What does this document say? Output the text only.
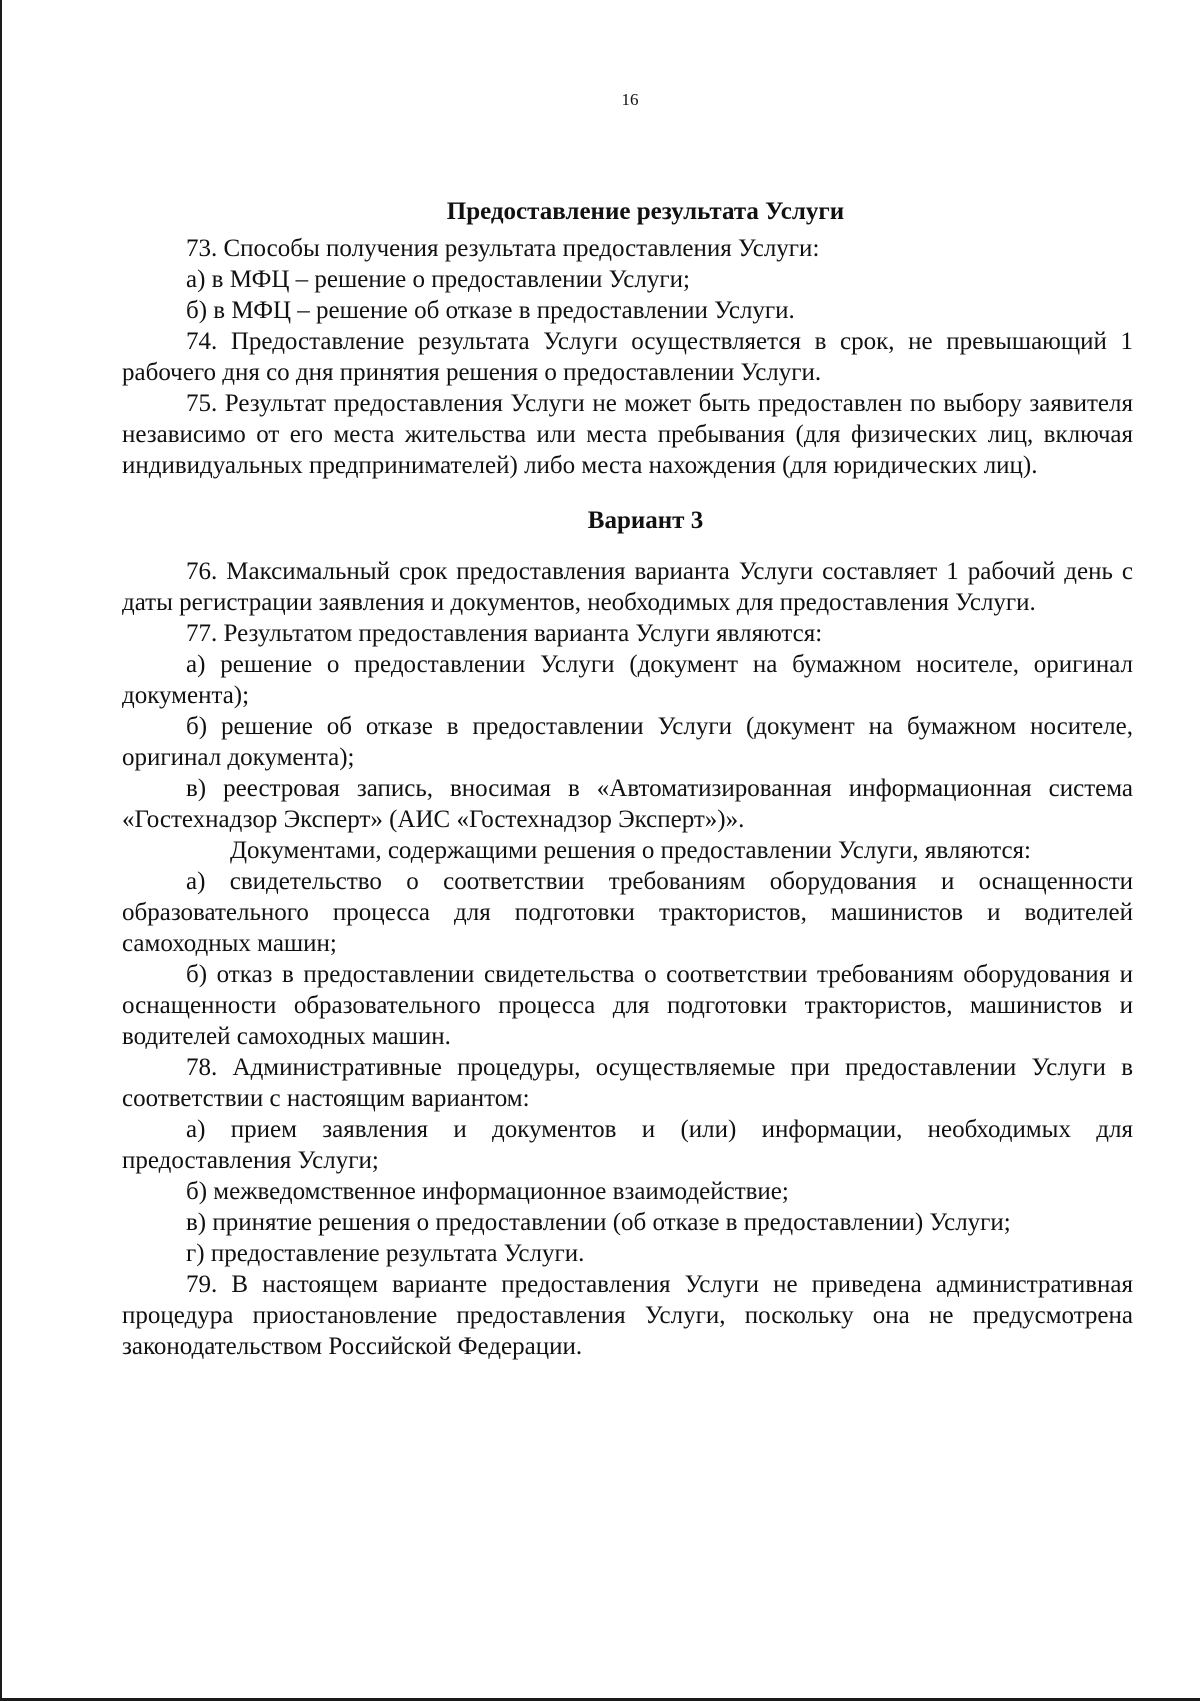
16
Предоставление результата Услуги

73. Способы получения результата предоставления Услуги:

а) в МФЦ – решение о предоставлении Услуги;

б) в МФЦ – решение об отказе в предоставлении Услуги.

74. Предоставление результата Услуги осуществляется в срок, не превышающий 1 рабочего дня со дня принятия решения о предоставлении Услуги.

75. Результат предоставления Услуги не может быть предоставлен по выбору заявителя независимо от его места жительства или места пребывания (для физических лиц, включая индивидуальных предпринимателей) либо места нахождения (для юридических лиц).

Вариант 3

76. Максимальный срок предоставления варианта Услуги составляет 1 рабочий день с даты регистрации заявления и документов, необходимых для предоставления Услуги.

77. Результатом предоставления варианта Услуги являются:

а) решение о предоставлении Услуги (документ на бумажном носителе, оригинал документа);

б) решение об отказе в предоставлении Услуги (документ на бумажном носителе, оригинал документа);

в) реестровая запись, вносимая в «Автоматизированная информационная система «Гостехнадзор Эксперт» (АИС «Гостехнадзор Эксперт»)».

Документами, содержащими решения о предоставлении Услуги, являются:

а) свидетельство о соответствии требованиям оборудования и оснащенности образовательного процесса для подготовки трактористов, машинистов и водителей самоходных машин;

б) отказ в предоставлении свидетельства о соответствии требованиям оборудования и оснащенности образовательного процесса для подготовки трактористов, машинистов и водителей самоходных машин.

78. Административные процедуры, осуществляемые при предоставлении Услуги в соответствии с настоящим вариантом:

а) прием заявления и документов и (или) информации, необходимых для предоставления Услуги;

б) межведомственное информационное взаимодействие;

в) принятие решения о предоставлении (об отказе в предоставлении) Услуги;

г) предоставление результата Услуги.

79. В настоящем варианте предоставления Услуги не приведена административная процедура приостановление предоставления Услуги, поскольку она не предусмотрена законодательством Российской Федерации.
